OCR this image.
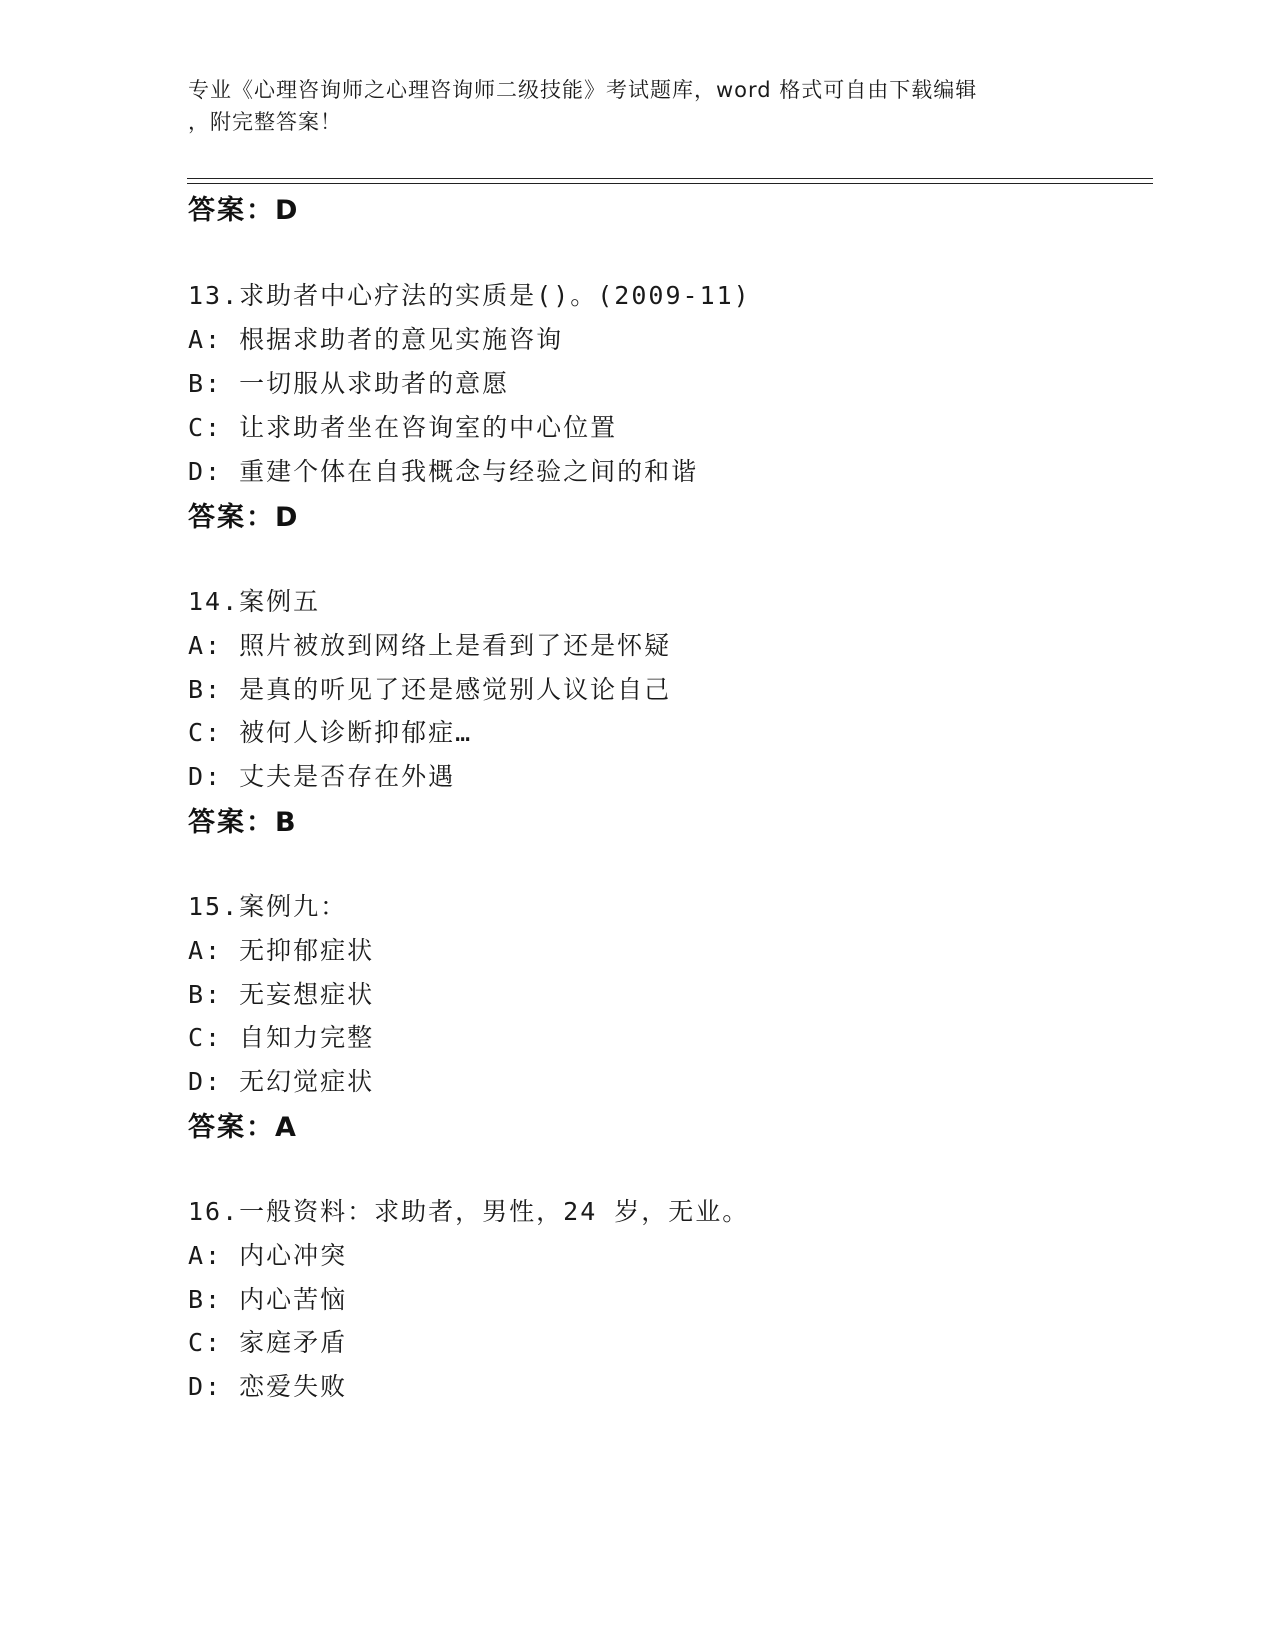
专业《心理咨询师之心理咨询师二级技能》考试题库，word 格式可自由下载编辑
，附完整答案！
答案：D
13.求助者中心疗法的实质是()。(2009-11)
A: 根据求助者的意见实施咨询
B: 一切服从求助者的意愿
C: 让求助者坐在咨询室的中心位置
D: 重建个体在自我概念与经验之间的和谐
答案：D
14.案例五
A: 照片被放到网络上是看到了还是怀疑
B: 是真的听见了还是感觉别人议论自己
C: 被何人诊断抑郁症…
D: 丈夫是否存在外遇
答案：B
15.案例九：
A: 无抑郁症状
B: 无妄想症状
C: 自知力完整
D: 无幻觉症状
答案：A
16.一般资料：求助者，男性，24 岁，无业。
A: 内心冲突
B: 内心苦恼
C: 家庭矛盾
D: 恋爱失败
